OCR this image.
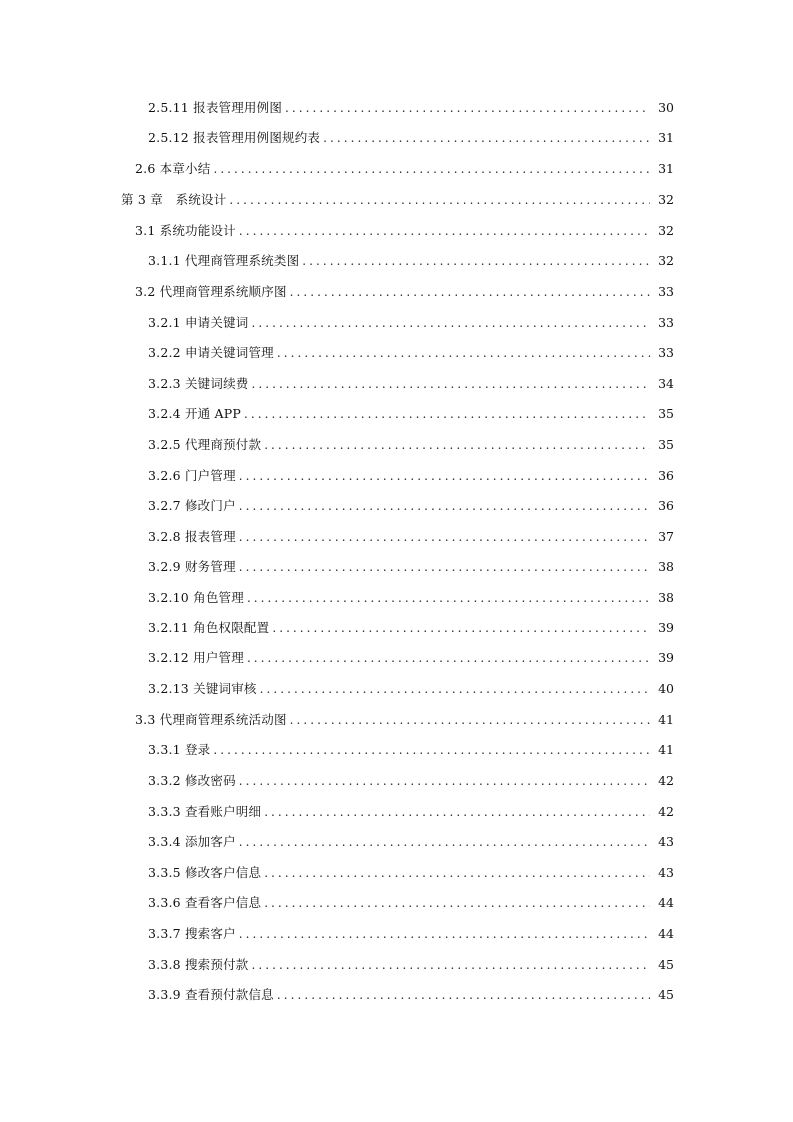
2.5.11 报表管理用例图 .....	30
2.5.12 报表管理用例图规约表 .....	31
2.6 本章小结 .....	31
第 3 章　系统设计 .....	32
3.1 系统功能设计 .....	32
3.1.1 代理商管理系统类图 .....	32
3.2 代理商管理系统顺序图 .....	33
3.2.1 申请关键词 .....	33
3.2.2 申请关键词管理 .....	33
3.2.3 关键词续费 .....	34
3.2.4 开通 APP .....	35
3.2.5 代理商预付款 .....	35
3.2.6 门户管理 .....	36
3.2.7 修改门户 .....	36
3.2.8 报表管理 .....	37
3.2.9 财务管理 .....	38
3.2.10 角色管理 .....	38
3.2.11 角色权限配置 .....	39
3.2.12 用户管理 .....	39
3.2.13 关键词审核 .....	40
3.3 代理商管理系统活动图 .....	41
3.3.1 登录 .....	41
3.3.2 修改密码 .....	42
3.3.3 查看账户明细 .....	42
3.3.4 添加客户 .....	43
3.3.5 修改客户信息 .....	43
3.3.6 查看客户信息 .....	44
3.3.7 搜索客户 .....	44
3.3.8 搜索预付款 .....	45
3.3.9 查看预付款信息 .....	45
